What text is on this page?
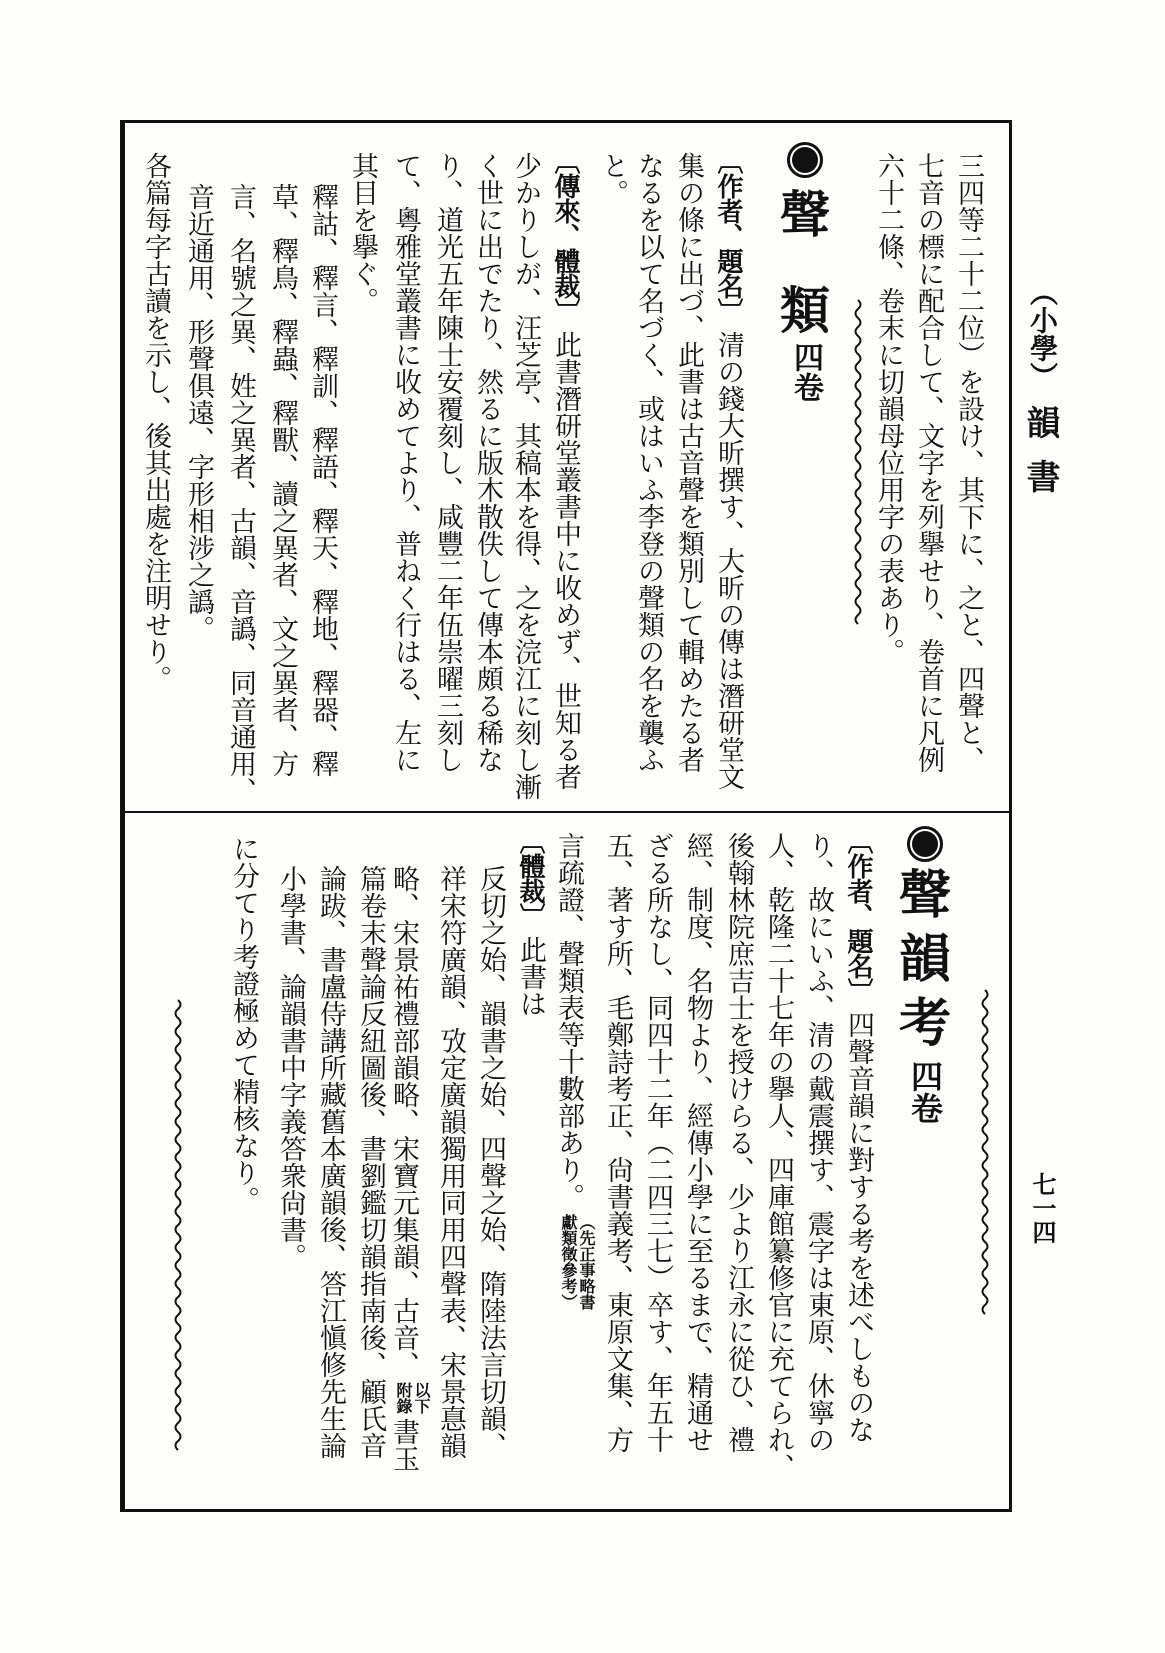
（小學）
韻書
七一四
三四等二十二位）を設け、其下に、之と、四聲と、
七音の標に配合して、文字を列擧せり、卷首に凡例
六十二條、卷末に切韻母位用字の表あり。
聲
類
四卷
〔作者、題名〕清の錢大昕撰す、大昕の傳は潛研堂文
集の條に出づ、此書は古音聲を類別して輯めたる者
なるを以て名づく、或はいふ李登の聲類の名を襲ふ
と。
〔傳來、體裁〕此書潛研堂叢書中に收めず、世知る者
少かりしが、汪芝亭、其稿本を得、之を浣江に刻し漸
く世に出でたり、然るに版木散佚して傳本頗る稀な
り、道光五年陳士安覆刻し、咸豐二年伍崇曜三刻し
て、粵雅堂叢書に收めてより、普ねく行はる、左に
其目を擧ぐ。
釋詁、釋言、釋訓、釋語、釋天、釋地、釋器、釋
草、釋鳥、釋蟲、釋獸、讀之異者、文之異者、方
言、名號之異、姓之異者、古韻、音譌、同音通用、
音近通用、形聲俱遠、字形相涉之譌。
各篇每字古讀を示し、後其出處を注明せり。
聲
韻
考
四卷
〔作者、題名〕四聲音韻に對する考を述べしものな
り、故にいふ、清の戴震撰す、震字は東原、休寧の
人、乾隆二十七年の擧人、四庫館纂修官に充てられ、
後翰林院庶吉士を授けらる、少より江永に從ひ、禮
經、制度、名物より、經傳小學に至るまで、精通せ
ざる所なし、同四十二年（二四三七）卒す、年五十
五、著す所、毛鄭詩考正、尙書義考、東原文集、方
言疏證、聲類表等十數部あり。
（先正事略書
獻類徵參考）
〔體裁〕此書は
反切之始、韻書之始、四聲之始、隋陸法言切韻、
祥宋符廣韻、攷定廣韻獨用同用四聲表、宋景惪韻
略、宋景祐禮部韻略、宋寶元集韻、古音、
以下
附錄
書玉
篇卷末聲論反紐圖後、書劉鑑切韻指南後、顧氏音
論跋、書盧侍講所藏舊本廣韻後、答江愼修先生論
小學書、論韻書中字義答衆尙書。
に分てり考證極めて精核なり。
